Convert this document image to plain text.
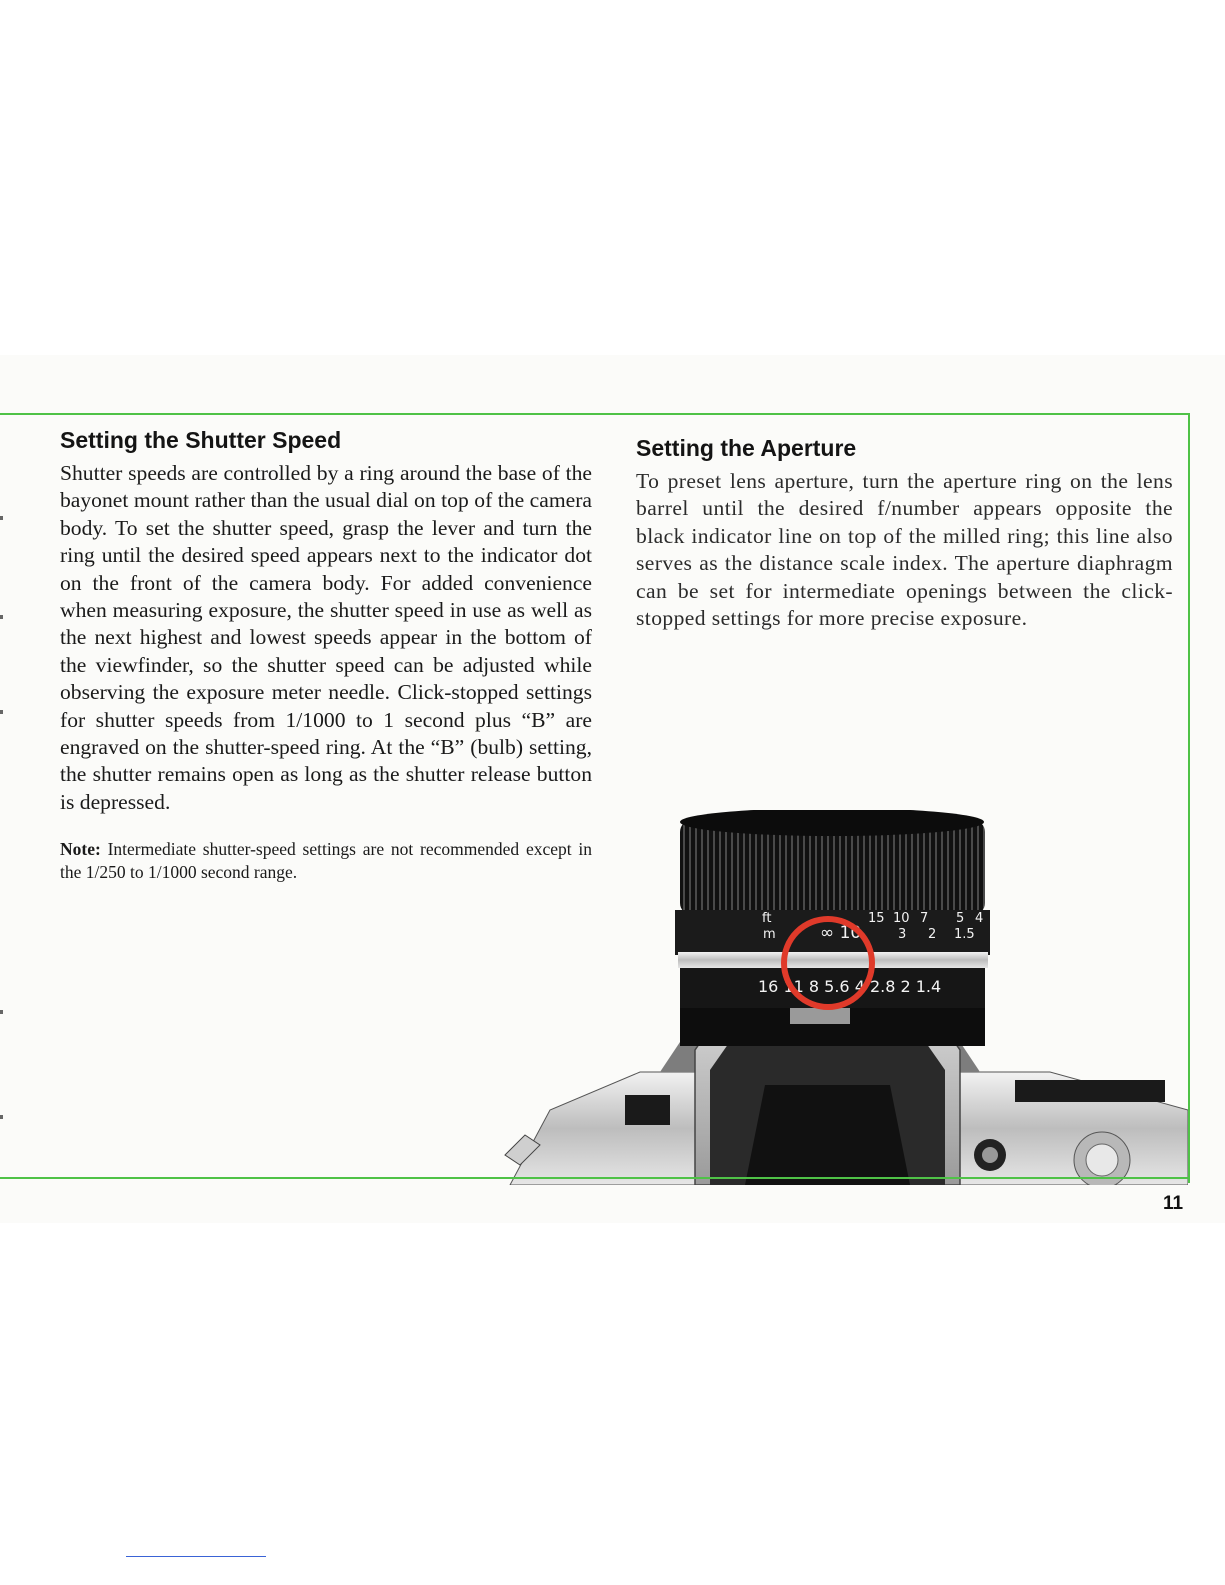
Setting the Shutter Speed

Shutter speeds are controlled by a ring around the base of the bayonet mount rather than the usual dial on top of the camera body. To set the shutter speed, grasp the lever and turn the ring until the desired speed appears next to the indicator dot on the front of the camera body. For added convenience when measuring exposure, the shutter speed in use as well as the next highest and lowest speeds appear in the bottom of the viewfinder, so the shutter speed can be adjusted while observing the exposure meter needle. Click-stopped settings for shutter speeds from 1/1000 to 1 second plus “B” are engraved on the shutter-speed ring. At the “B” (bulb) setting, the shutter remains open as long as the shutter release button is depressed.

Note: Intermediate shutter-speed settings are not recommended except in the 1/250 to 1/1000 second range.

Setting the Aperture

To preset lens aperture, turn the aperture ring on the lens barrel until the desired f/number appears opposite the black indicator line on top of the milled ring; this line also serves as the distance scale index. The aperture diaphragm can be set for intermediate openings between the click-stopped settings for more precise exposure.

ft
m	∞ 10
15 10 7 5 4
3 2 1.5
16 11 8 5.6 4 2.8 2 1.4
11
